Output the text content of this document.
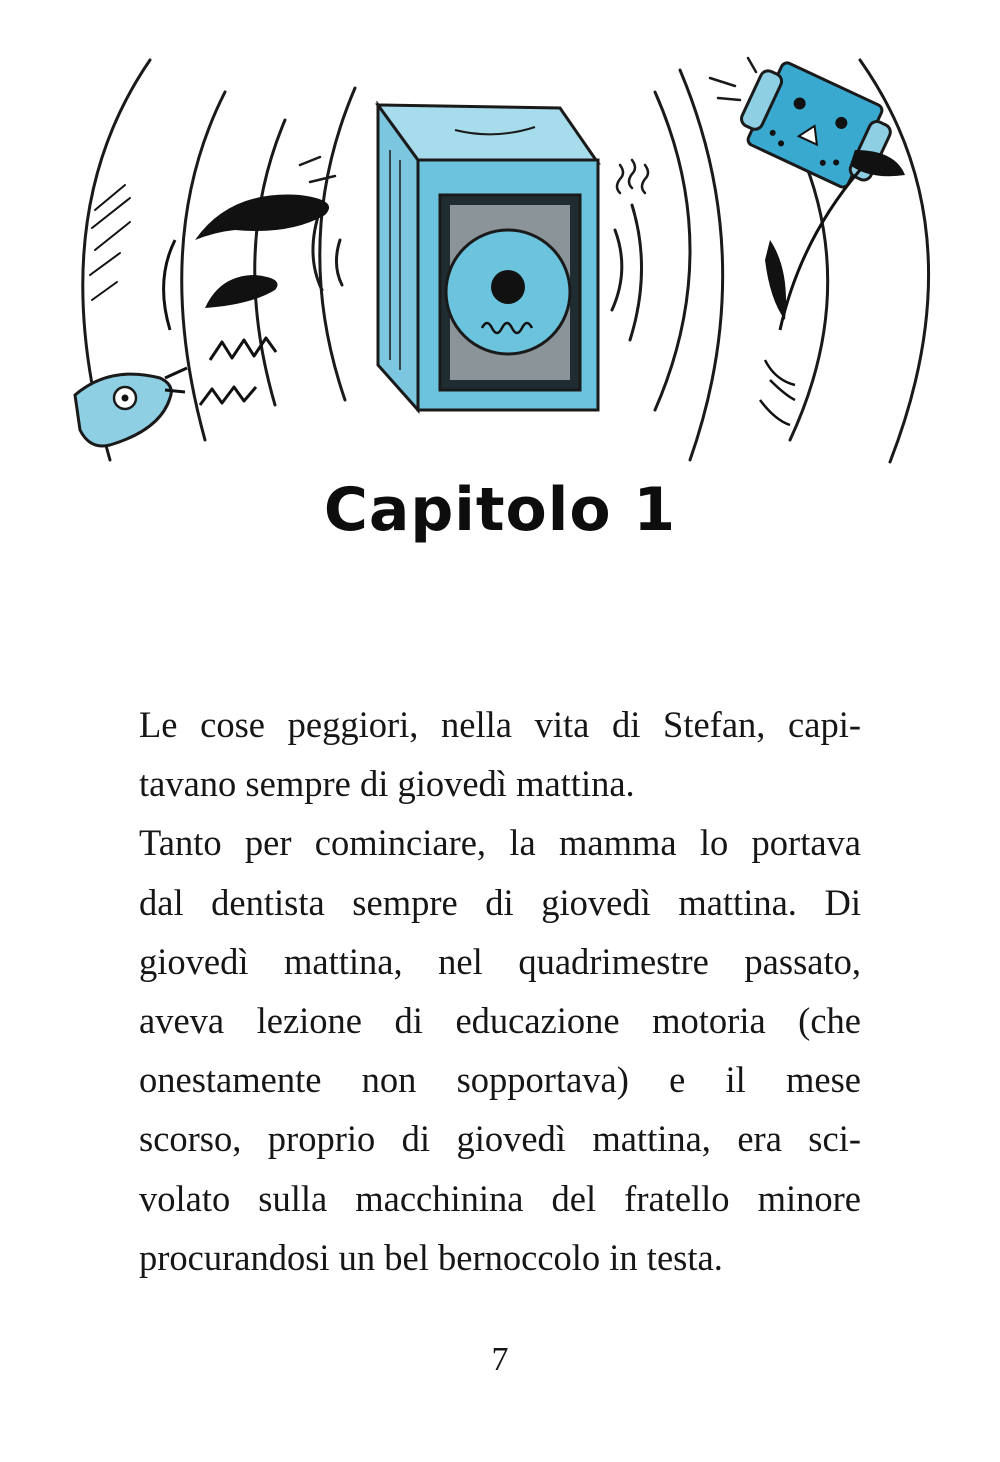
Capitolo 1

Le cose peggiori, nella vita di Stefan, capi-
tavano sempre di giovedì mattina.
Tanto per cominciare, la mamma lo portava
dal dentista sempre di giovedì mattina. Di
giovedì mattina, nel quadrimestre passato,
aveva lezione di educazione motoria (che
onestamente non sopportava) e il mese
scorso, proprio di giovedì mattina, era sci-
volato sulla macchinina del fratello minore
procurandosi un bel bernoccolo in testa.

7
